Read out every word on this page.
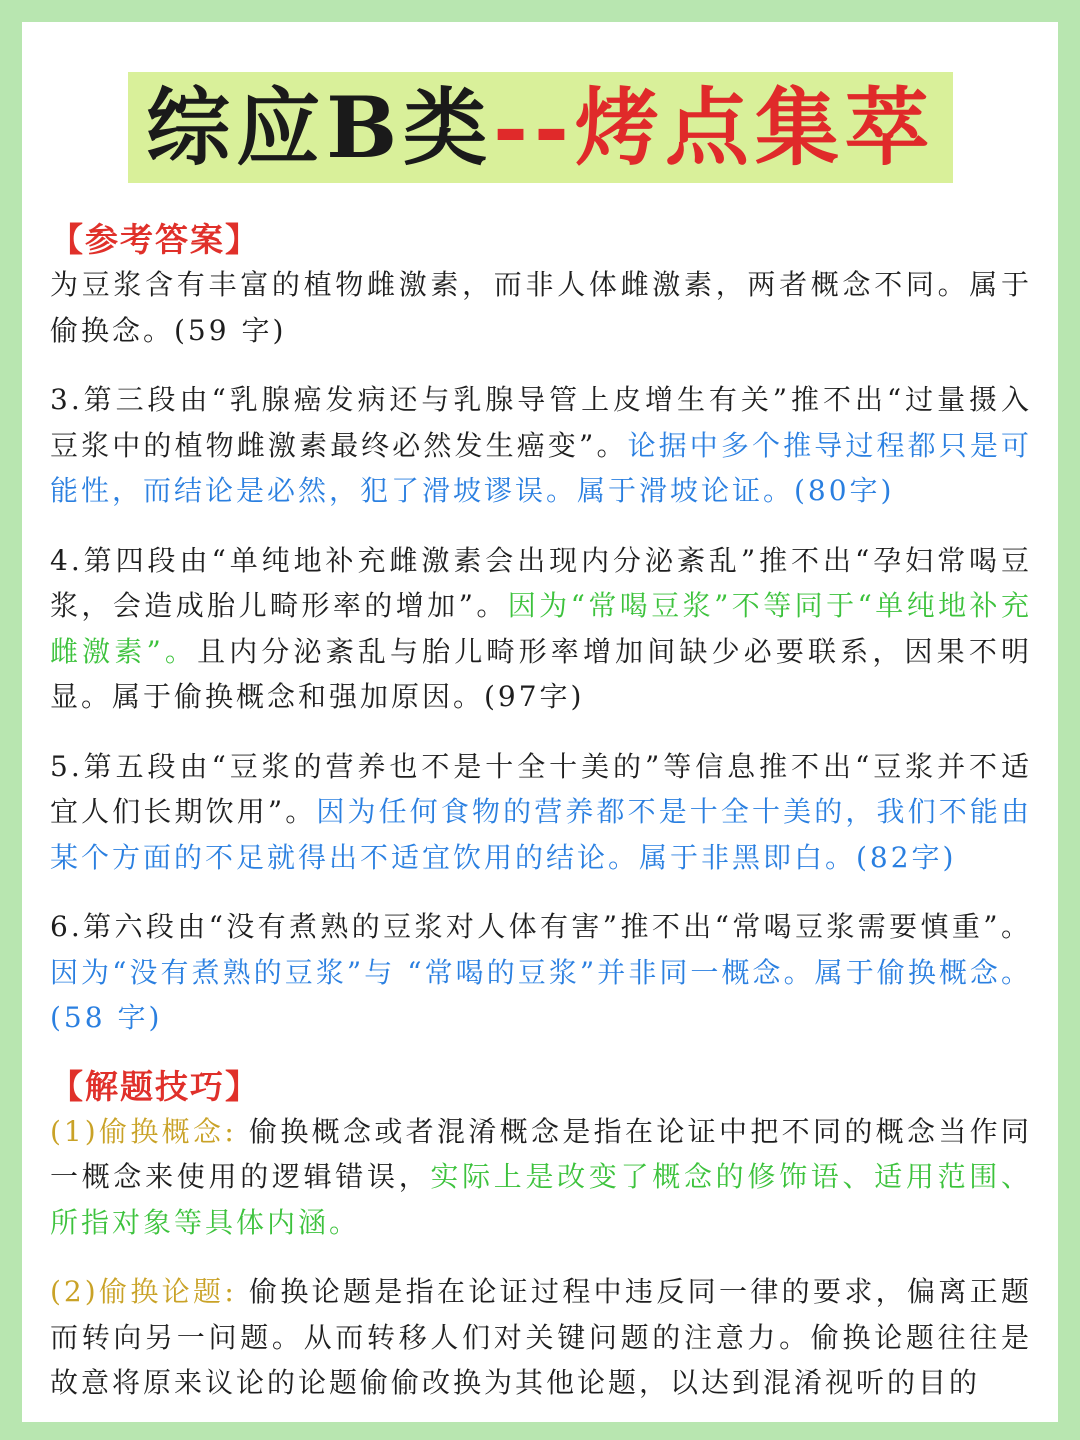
综应B类--烤点集萃
【参考答案】

为豆浆含有丰富的植物雌激素，而非人体雌激素，两者概念不同。属于偷换念。(59 字)

3.第三段由“乳腺癌发病还与乳腺导管上皮增生有关”推不出“过量摄入豆浆中的植物雌激素最终必然发生癌变”。论据中多个推导过程都只是可能性，而结论是必然，犯了滑坡谬误。属于滑坡论证。(80字)

4.第四段由“单纯地补充雌激素会出现内分泌紊乱”推不出“孕妇常喝豆浆，会造成胎儿畸形率的增加”。因为“常喝豆浆”不等同于“单纯地补充雌激素”。且内分泌紊乱与胎儿畸形率增加间缺少必要联系，因果不明显。属于偷换概念和强加原因。(97字)

5.第五段由“豆浆的营养也不是十全十美的”等信息推不出“豆浆并不适宜人们长期饮用”。因为任何食物的营养都不是十全十美的，我们不能由某个方面的不足就得出不适宜饮用的结论。属于非黑即白。(82字)

6.第六段由“没有煮熟的豆浆对人体有害”推不出“常喝豆浆需要慎重”。因为“没有煮熟的豆浆”与 “常喝的豆浆”并非同一概念。属于偷换概念。(58 字)

【解题技巧】

(1)偷换概念: 偷换概念或者混淆概念是指在论证中把不同的概念当作同一概念来使用的逻辑错误，实际上是改变了概念的修饰语、适用范围、所指对象等具体内涵。

(2)偷换论题: 偷换论题是指在论证过程中违反同一律的要求，偏离正题而转向另一问题。从而转移人们对关键问题的注意力。偷换论题往往是故意将原来议论的论题偷偷改换为其他论题，以达到混淆视听的目的
